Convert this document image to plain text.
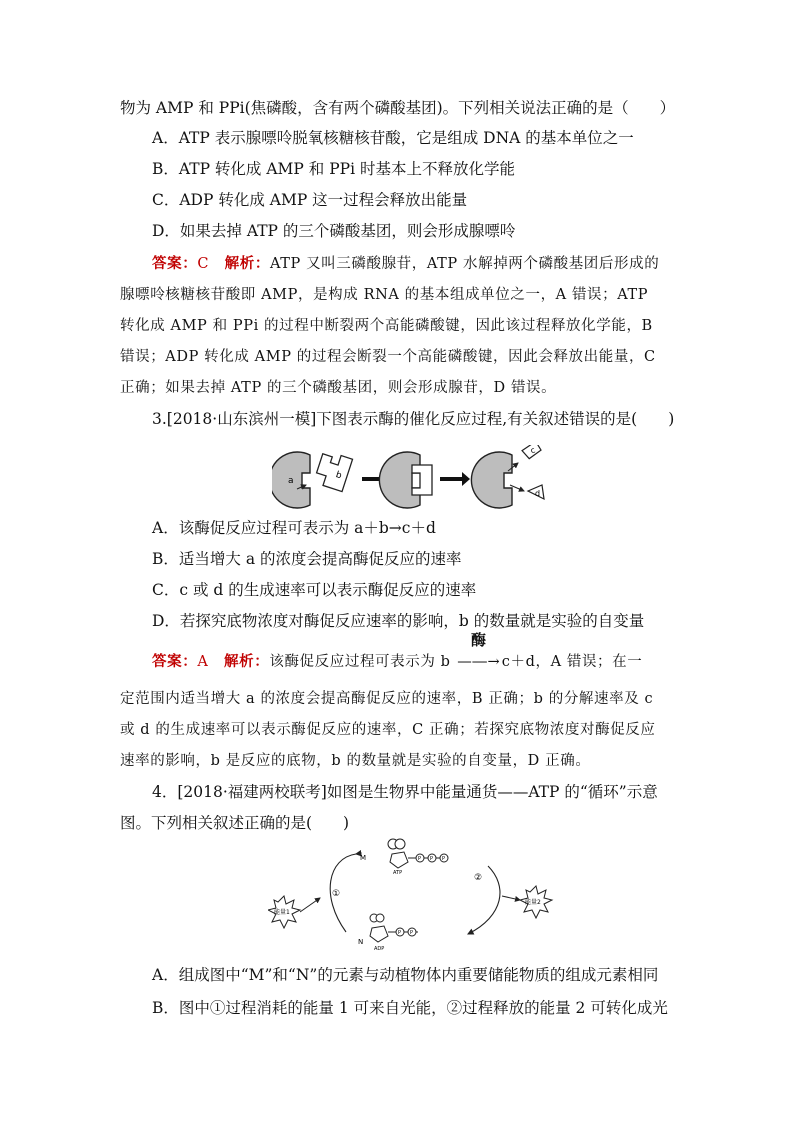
物为 AMP 和 PPi(焦磷酸，含有两个磷酸基团)。下列相关说法正确的是（　　）
A．ATP 表示腺嘌呤脱氧核糖核苷酸，它是组成 DNA 的基本单位之一
B．ATP 转化成 AMP 和 PPi 时基本上不释放化学能
C．ADP 转化成 AMP 这一过程会释放出能量
D．如果去掉 ATP 的三个磷酸基团，则会形成腺嘌呤
答案：C 解析：ATP 又叫三磷酸腺苷，ATP 水解掉两个磷酸基团后形成的
腺嘌呤核糖核苷酸即 AMP，是构成 RNA 的基本组成单位之一，A 错误；ATP
转化成 AMP 和 PPi 的过程中断裂两个高能磷酸键，因此该过程释放化学能，B
错误；ADP 转化成 AMP 的过程会断裂一个高能磷酸键，因此会释放出能量，C
正确；如果去掉 ATP 的三个磷酸基团，则会形成腺苷，D 错误。
3.[2018·山东滨州一模]下图表示酶的催化反应过程,有关叙述错误的是(　　)
a	b
c
d
A．该酶促反应过程可表示为 a＋b→c＋d
B．适当增大 a 的浓度会提高酶促反应的速率
C．c 或 d 的生成速率可以表示酶促反应的速率
D．若探究底物浓度对酶促反应速率的影响，b 的数量就是实验的自变量
答案：A 解析：该酶促反应过程可表示为 b
酶
—―→ c＋d，A 错误；在一
定范围内适当增大 a 的浓度会提高酶促反应的速率，B 正确；b 的分解速率及 c
或 d 的生成速率可以表示酶促反应的速率，C 正确；若探究底物浓度对酶促反应
速率的影响，b 是反应的底物，b 的数量就是实验的自变量，D 正确。
4．[2018·福建两校联考]如图是生物界中能量通货——ATP 的“循环”示意
图。下列相关叙述正确的是(　　)
①
②
M
ATP
P P P
N
ADP
P P
能量1
能量2
A．组成图中“M”和“N”的元素与动植物体内重要储能物质的组成元素相同
B．图中①过程消耗的能量 1 可来自光能，②过程释放的能量 2 可转化成光
